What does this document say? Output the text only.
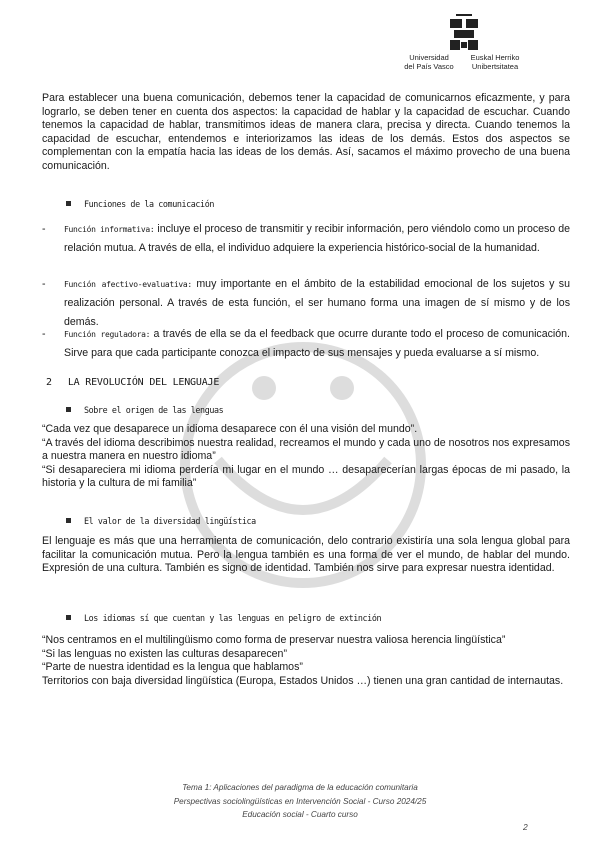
Universidad
del País Vasco
Euskal Herriko
Unibertsitatea
Para establecer una buena comunicación, debemos tener la capacidad de comunicarnos eficazmente, y para lograrlo, se deben tener en cuenta dos aspectos: la capacidad de hablar y la capacidad de escuchar. Cuando tenemos la capacidad de hablar, transmitimos ideas de manera clara, precisa y directa. Cuando tenemos la capacidad de escuchar, entendemos e interiorizamos las ideas de los demás. Estos dos aspectos se complementan con la empatía hacia las ideas de los demás. Así, sacamos el máximo provecho de una buena comunicación.
Funciones de la comunicación
- Función informativa: incluye el proceso de transmitir y recibir información, pero viéndolo como un proceso de relación mutua. A través de ella, el individuo adquiere la experiencia histórico-social de la humanidad.
- Función afectivo-evaluativa: muy importante en el ámbito de la estabilidad emocional de los sujetos y su realización personal. A través de esta función, el ser humano forma una imagen de sí mismo y de los demás.
- Función reguladora: a través de ella se da el feedback que ocurre durante todo el proceso de comunicación. Sirve para que cada participante conozca el impacto de sus mensajes y pueda evaluarse a sí mismo.
2 LA REVOLUCIÓN DEL LENGUAJE
Sobre el origen de las lenguas
“Cada vez que desaparece un idioma desaparece con él una visión del mundo”.
“A través del idioma describimos nuestra realidad, recreamos el mundo y cada uno de nosotros nos expresamos a nuestra manera en nuestro idioma”
“Si desapareciera mi idioma perdería mi lugar en el mundo … desaparecerían largas épocas de mi pasado, la historia y la cultura de mi familia”
El valor de la diversidad lingüística
El lenguaje es más que una herramienta de comunicación, delo contrario existiría una sola lengua global para facilitar la comunicación mutua. Pero la lengua también es una forma de ver el mundo, de hablar del mundo. Expresión de una cultura. También es signo de identidad. También nos sirve para expresar nuestra identidad.
Los idiomas sí que cuentan y las lenguas en peligro de extinción
“Nos centramos en el multilingüismo como forma de preservar nuestra valiosa herencia lingüística”
“Si las lenguas no existen las culturas desaparecen”
“Parte de nuestra identidad es la lengua que hablamos”
Territorios con baja diversidad lingüística (Europa, Estados Unidos …) tienen una gran cantidad de internautas.
Tema 1: Aplicaciones del paradigma de la educación comunitaria
Perspectivas sociolingüísticas en Intervención Social - Curso 2024/25
Educación social - Cuarto curso
2
